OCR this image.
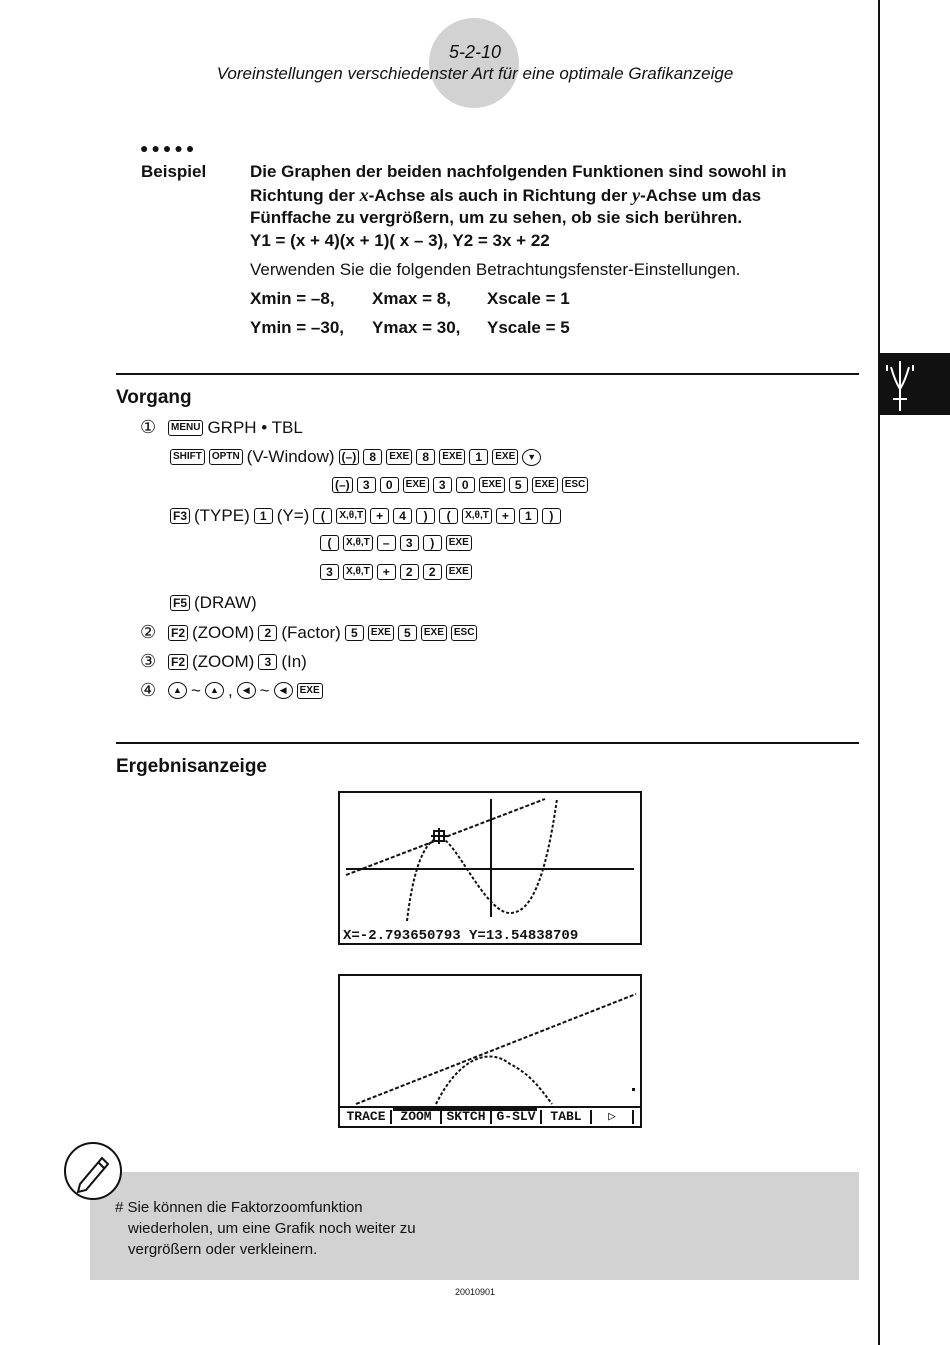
5-2-10
Voreinstellungen verschiedenster Art für eine optimale Grafikanzeige
●●●●●
Beispiel	Die Graphen der beiden nachfolgenden Funktionen sind sowohl in
Richtung der x-Achse als auch in Richtung der y-Achse um das
Fünffache zu vergrößern, um zu sehen, ob sie sich berühren.
Y1 = (x + 4)(x + 1)( x – 3), Y2 = 3x + 22
Verwenden Sie die folgenden Betrachtungsfenster-Einstellungen.
Xmin = –8, Xmax = 8, Xscale = 1
Ymin = –30, Ymax = 30, Yscale = 5
Vorgang
①	MENU GRPH • TBL
SHIFT	OPTN (V-Window) (–)	8	EXE	8	EXE	1	EXE	▼
(–)	3	0	EXE	3	0	EXE	5	EXE	ESC
F3 (TYPE) 1 (Y=) (	X,θ,T	+	4	)	(	X,θ,T	+	1	)
(	X,θ,T	–	3	)	EXE
3	X,θ,T	+	2	2	EXE
F5 (DRAW)
②	F2 (ZOOM) 2 (Factor) 5	EXE	5	EXE	ESC
③	F2 (ZOOM) 3 (In)
④	▲ ~	▲ ,	◀ ~	◀	EXE
Ergebnisanzeige
X=-2.793650793 Y=13.54838709
TRACE	ZOOM	SKTCH G-SLV	TABL	▷
# Sie können die Faktorzoomfunktion
wiederholen, um eine Grafik noch weiter zu
vergrößern oder verkleinern.
20010901
